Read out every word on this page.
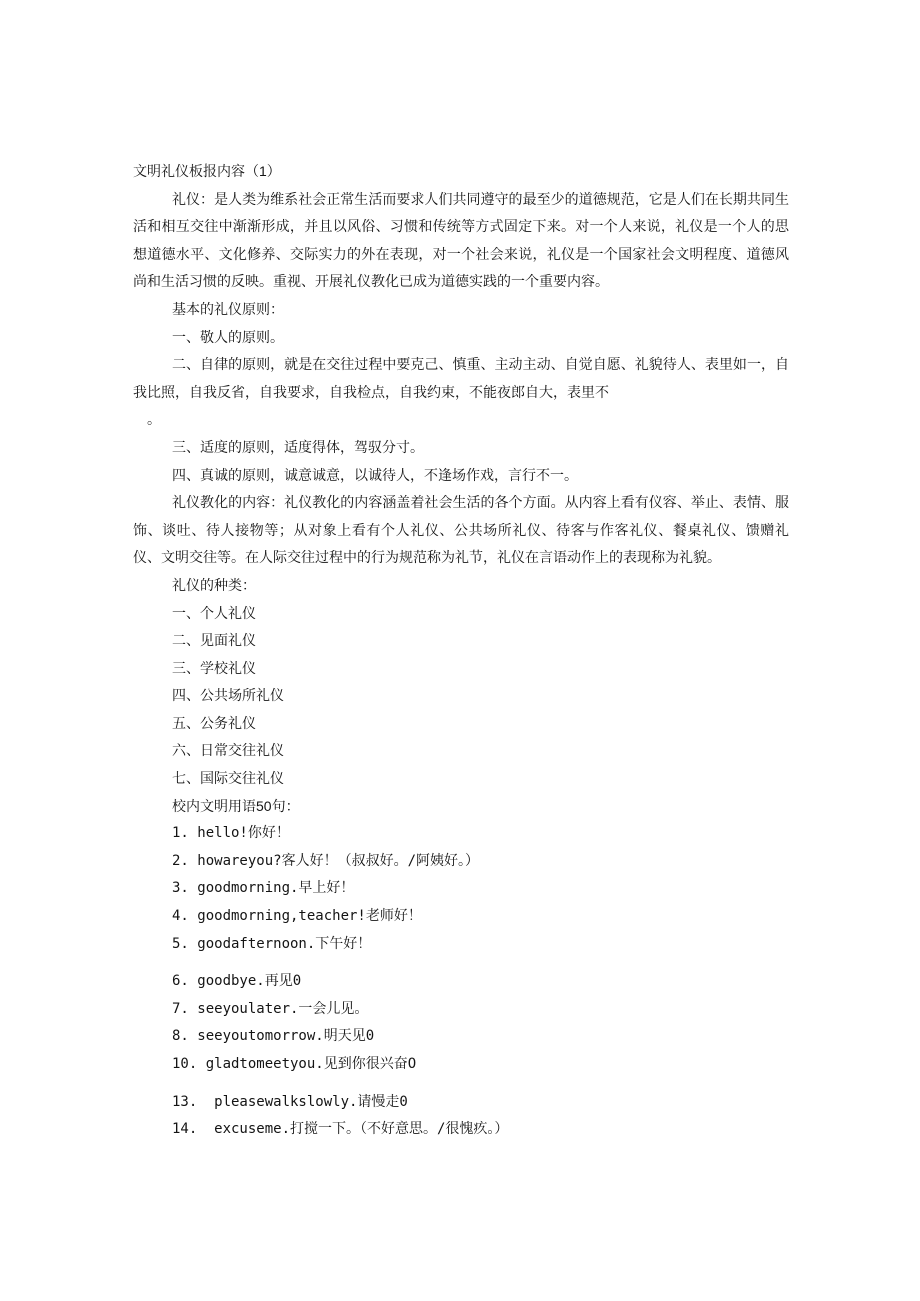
文明礼仪板报内容（1）
礼仪：是人类为维系社会正常生活而要求人们共同遵守的最至少的道德规范，它是人们在长期共同生活和相互交往中渐渐形成，并且以风俗、习惯和传统等方式固定下来。对一个人来说，礼仪是一个人的思想道德水平、文化修养、交际实力的外在表现，对一个社会来说，礼仪是一个国家社会文明程度、道德风尚和生活习惯的反映。重视、开展礼仪教化已成为道德实践的一个重要内容。
基本的礼仪原则：
一、敬人的原则。
二、自律的原则，就是在交往过程中要克己、慎重、主动主动、自觉自愿、礼貌待人、表里如一，自我比照，自我反省，自我要求，自我检点，自我约束，不能夜郎自大，表里不
。
三、适度的原则，适度得体，驾驭分寸。
四、真诚的原则，诚意诚意，以诚待人，不逢场作戏，言行不一。
礼仪教化的内容：礼仪教化的内容涵盖着社会生活的各个方面。从内容上看有仪容、举止、表情、服饰、谈吐、待人接物等；从对象上看有个人礼仪、公共场所礼仪、待客与作客礼仪、餐桌礼仪、馈赠礼仪、文明交往等。在人际交往过程中的行为规范称为礼节，礼仪在言语动作上的表现称为礼貌。
礼仪的种类：
一、个人礼仪
二、见面礼仪
三、学校礼仪
四、公共场所礼仪
五、公务礼仪
六、日常交往礼仪
七、国际交往礼仪
校内文明用语50句：
1. hello!你好！
2. howareyou?客人好！（叔叔好。/阿姨好。）
3. goodmorning.早上好！
4. goodmorning,teacher!老师好！
5. goodafternoon.下午好！
6. goodbye.再见0
7. seeyoulater.一会儿见。
8. seeyoutomorrow.明天见0
10. gladtomeetyou.见到你很兴奋O
13.  pleasewalkslowly.请慢走0
14.  excuseme.打搅一下。（不好意思。/很愧疚。）
